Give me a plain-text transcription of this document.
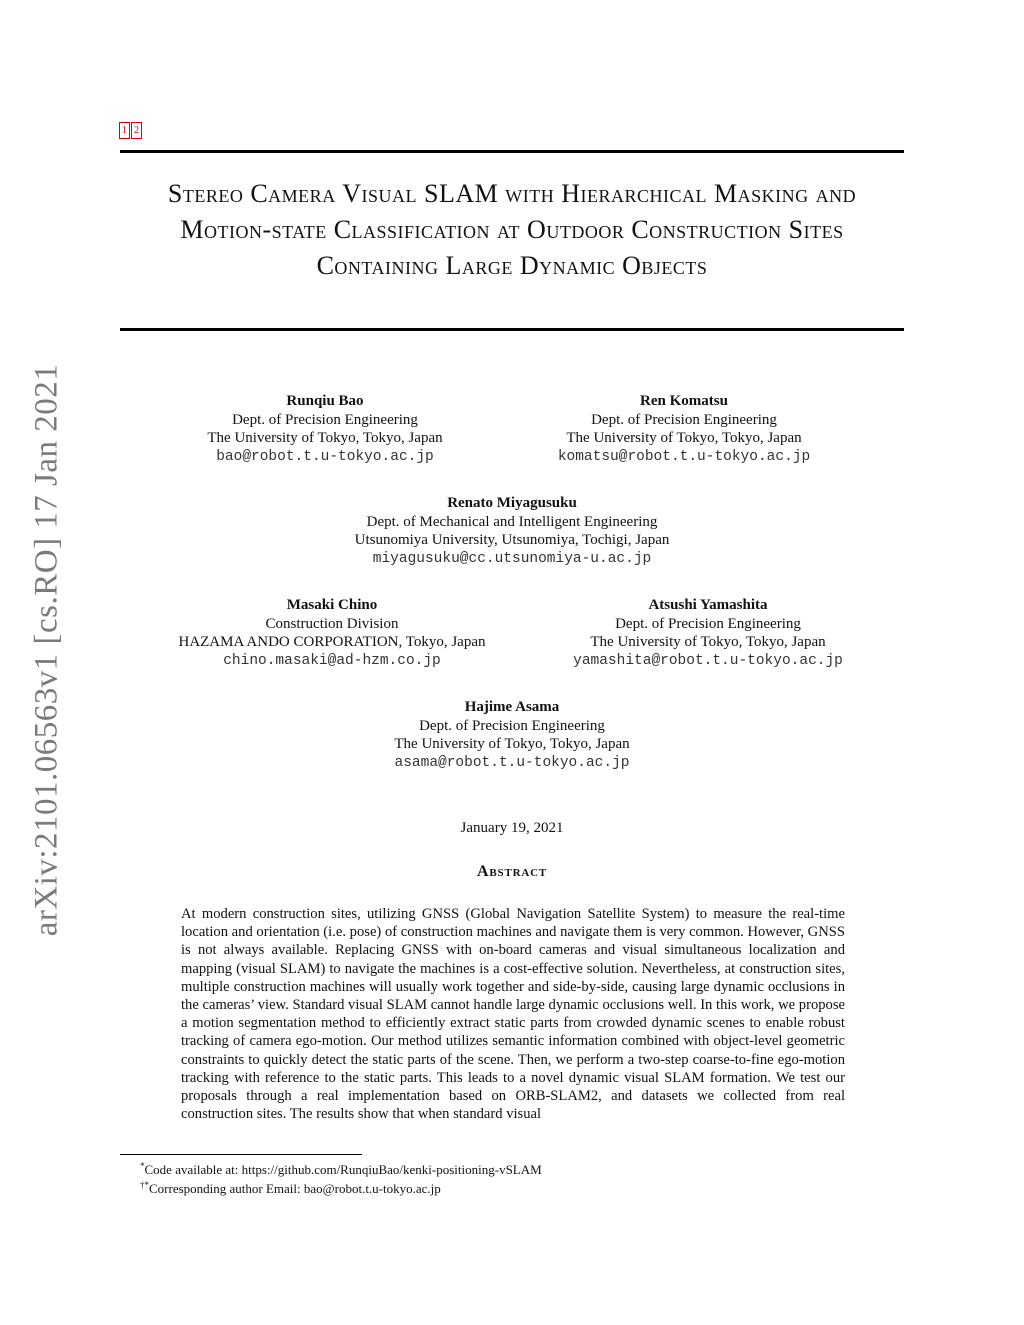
1 2
Stereo Camera Visual SLAM with Hierarchical Masking and Motion-state Classification at Outdoor Construction Sites Containing Large Dynamic Objects
arXiv:2101.06563v1 [cs.RO] 17 Jan 2021	Runqiu Bao
Dept. of Precision Engineering
The University of Tokyo, Tokyo, Japan
bao@robot.t.u-tokyo.ac.jp
Ren Komatsu
Dept. of Precision Engineering
The University of Tokyo, Tokyo, Japan
komatsu@robot.t.u-tokyo.ac.jp
Renato Miyagusuku
Dept. of Mechanical and Intelligent Engineering
Utsunomiya University, Utsunomiya, Tochigi, Japan
miyagusuku@cc.utsunomiya-u.ac.jp
Masaki Chino
Construction Division
HAZAMA ANDO CORPORATION, Tokyo, Japan
chino.masaki@ad-hzm.co.jp
Atsushi Yamashita
Dept. of Precision Engineering
The University of Tokyo, Tokyo, Japan
yamashita@robot.t.u-tokyo.ac.jp
Hajime Asama
Dept. of Precision Engineering
The University of Tokyo, Tokyo, Japan
asama@robot.t.u-tokyo.ac.jp
January 19, 2021
Abstract
At modern construction sites, utilizing GNSS (Global Navigation Satellite System) to measure the real-time location and orientation (i.e. pose) of construction machines and navigate them is very common. However, GNSS is not always available. Replacing GNSS with on-board cameras and visual simultaneous localization and mapping (visual SLAM) to navigate the machines is a cost-effective solution. Nevertheless, at construction sites, multiple construction machines will usually work together and side-by-side, causing large dynamic occlusions in the cameras’ view. Standard visual SLAM cannot handle large dynamic occlusions well. In this work, we propose a motion segmentation method to efficiently extract static parts from crowded dynamic scenes to enable robust tracking of camera ego-motion. Our method utilizes semantic information combined with object-level geometric constraints to quickly detect the static parts of the scene. Then, we perform a two-step coarse-to-fine ego-motion tracking with reference to the static parts. This leads to a novel dynamic visual SLAM formation. We test our proposals through a real implementation based on ORB-SLAM2, and datasets we collected from real construction sites. The results show that when standard visual
*Code available at: https://github.com/RunqiuBao/kenki-positioning-vSLAM
†*Corresponding author Email: bao@robot.t.u-tokyo.ac.jp
